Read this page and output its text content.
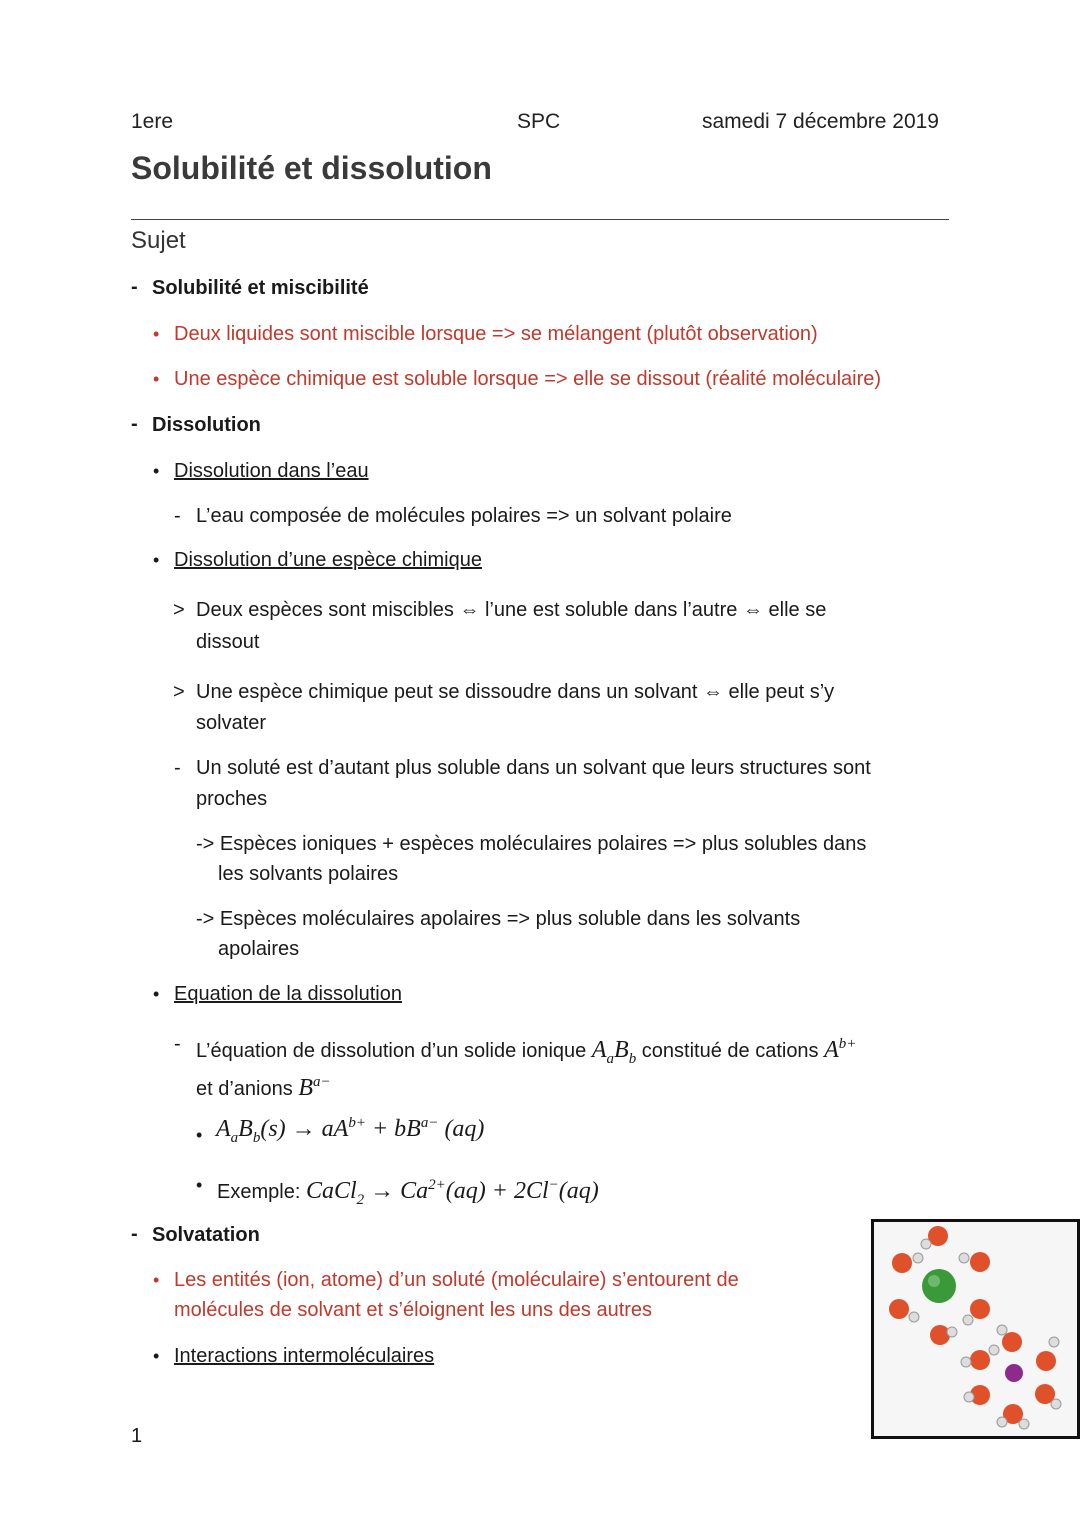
1ere	SPC	samedi 7 décembre 2019
Solubilité et dissolution
Sujet
- Solubilité et miscibilité
• Deux liquides sont miscible lorsque => se mélangent (plutôt observation)
• Une espèce chimique est soluble lorsque => elle se dissout (réalité moléculaire)
- Dissolution
• Dissolution dans l’eau
- L’eau composée de molécules polaires => un solvant polaire
• Dissolution d’une espèce chimique
> Deux espèces sont miscibles ⇔ l’une est soluble dans l’autre ⇔ elle se
dissout
> Une espèce chimique peut se dissoudre dans un solvant ⇔ elle peut s’y
solvater
- Un soluté est d’autant plus soluble dans un solvant que leurs structures sont
proches
-> Espèces ioniques + espèces moléculaires polaires => plus solubles dans
les solvants polaires
-> Espèces moléculaires apolaires => plus soluble dans les solvants
apolaires
• Equation de la dissolution
- L’équation de dissolution d’un solide ionique $A_aB_b$ constitué de cations $A^{b+}$
et d’anions $B^{a-}$
• $A_aB_b(s) \to aA^{b+} + bB^{a-}$ (aq)
• Exemple: CaCl$_2$ → $Ca^{2+}(aq) + 2Cl^-(aq)$
- Solvatation
• Les entités (ion, atome) d’un soluté (moléculaire) s’entourent de
molécules de solvant et s’éloignent les uns des autres
• Interactions intermoléculaires
1
